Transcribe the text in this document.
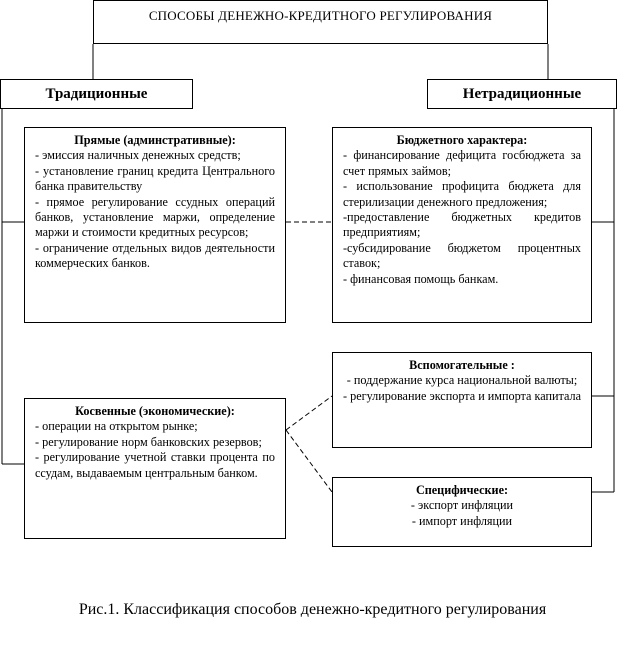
СПОСОБЫ ДЕНЕЖНО-КРЕДИТНОГО РЕГУЛИРОВАНИЯ
Традиционные	Нетрадиционные
Прямые (админстративные):
- эмиссия наличных денежных средств;
- установление границ кредита Центрального банка правительству
- прямое регулирование ссудных операций банков, установление маржи, определение маржи и стоимости кредитных ресурсов;
- ограничение отдельных видов деятельности коммерческих банков.
Косвенные (экономические):
- операции на открытом рынке;
- регулирование норм банковских резервов;
- регулирование учетной ставки процента по ссудам, выдаваемым центральным банком.
Бюджетного характера:
- финансирование дефицита госбюджета за счет прямых займов;
- использование профицита бюджета для стерилизации денежного предложения;
-предоставление бюджетных кредитов предприятиям;
-субсидирование бюджетом процентных ставок;
- финансовая помощь банкам.
Вспомогательные :
- поддержание курса национальной валюты;
- регулирование экспорта и импорта капитала
Специфические:
- экспорт инфляции
- импорт инфляции
Рис.1. Классификация способов денежно-кредитного регулирования
